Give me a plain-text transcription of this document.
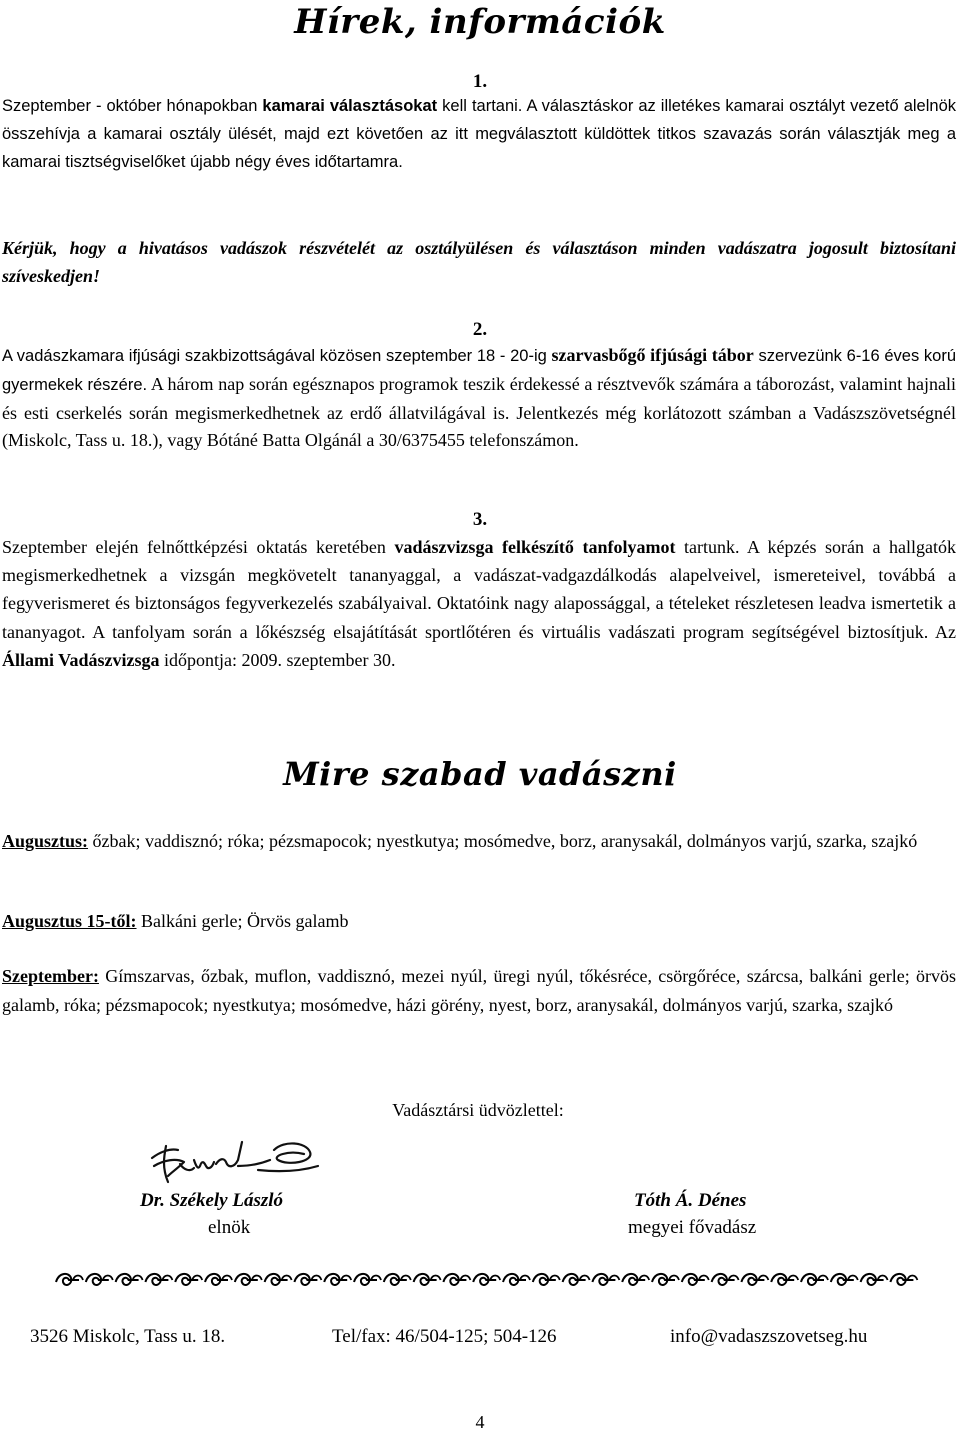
Hírek, információk
1.
Szeptember - október hónapokban kamarai választásokat kell tartani. A választáskor az illetékes kamarai osztályt vezető alelnök összehívja a kamarai osztály ülését, majd ezt követően az itt megválasztott küldöttek titkos szavazás során választják meg a kamarai tisztségviselőket újabb négy éves időtartamra.
Kérjük, hogy a hivatásos vadászok részvételét az osztályülésen és választáson minden vadászatra jogosult biztosítani szíveskedjen!
2.
A vadászkamara ifjúsági szakbizottságával közösen szeptember 18 - 20-ig szarvasbőgő ifjúsági tábor szervezünk 6-16 éves korú gyermekek részére. A három nap során egésznapos programok teszik érdekessé a résztvevők számára a táborozást, valamint hajnali és esti cserkelés során megismerkedhetnek az erdő állatvilágával is. Jelentkezés még korlátozott számban a Vadászszövetségnél (Miskolc, Tass u. 18.), vagy Bótáné Batta Olgánál a 30/6375455 telefonszámon.
3.
Szeptember elején felnőttképzési oktatás keretében vadászvizsga felkészítő tanfolyamot tartunk. A képzés során a hallgatók megismerkedhetnek a vizsgán megkövetelt tananyaggal, a vadászat-vadgazdálkodás alapelveivel, ismereteivel, továbbá a fegyverismeret és biztonságos fegyverkezelés szabályaival. Oktatóink nagy alapossággal, a tételeket részletesen leadva ismertetik a tananyagot. A tanfolyam során a lőkészség elsajátítását sportlőtéren és virtuális vadászati program segítségével biztosítjuk. Az Állami Vadászvizsga időpontja: 2009. szeptember 30.
Mire szabad vadászni
Augusztus: őzbak; vaddisznó; róka; pézsmapocok; nyestkutya; mosómedve, borz, aranysakál, dolmányos varjú, szarka, szajkó
Augusztus 15-től: Balkáni gerle; Örvös galamb
Szeptember: Gímszarvas, őzbak, muflon, vaddisznó, mezei nyúl, üregi nyúl, tőkésréce, csörgőréce, szárcsa, balkáni gerle; örvös galamb, róka; pézsmapocok; nyestkutya; mosómedve, házi görény, nyest, borz, aranysakál, dolmányos varjú, szarka, szajkó
Vadásztársi üdvözlettel:
Dr. Székely László
elnök
Tóth Á. Dénes
megyei fővadász
3526 Miskolc, Tass u. 18.	Tel/fax: 46/504-125; 504-126	info@vadaszszovetseg.hu
4
